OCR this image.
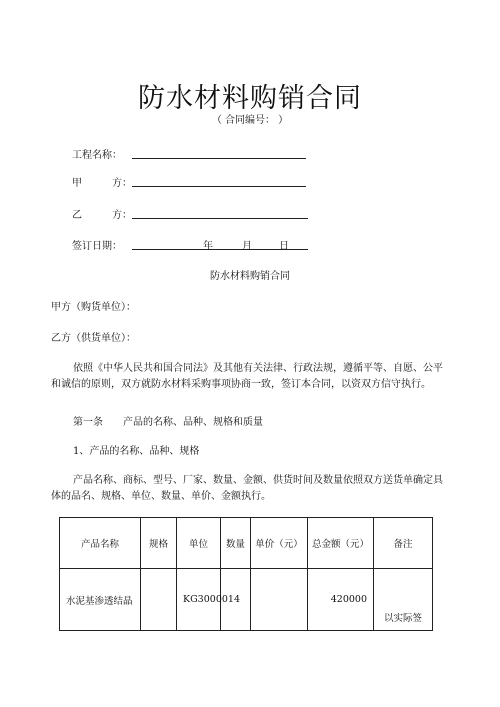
防水材料购销合同
（ 合同编号： ）
工程名称：
甲　　　方：
乙　　　方：
签订日期：	年	月	日
防水材料购销合同
甲方（购货单位）：
乙方（供货单位）：

依照《中华人民共和国合同法》及其他有关法律、行政法规，遵循平等、自愿、公平和诚信的原则，双方就防水材料采购事项协商一致，签订本合同，以资双方信守执行。

第一条　　产品的名称、品种、规格和质量
1、产品的名称、品种、规格

产品名称、商标、型号、厂家、数量、金额、供货时间及数量依照双方送货单确定具体的品名、规格、单位、数量、单价、金额执行。

产品名称	规格	单位	数量	单价（元）	总金额（元）	备注
水泥基渗透结晶		KG3000014			420000	以实际签
